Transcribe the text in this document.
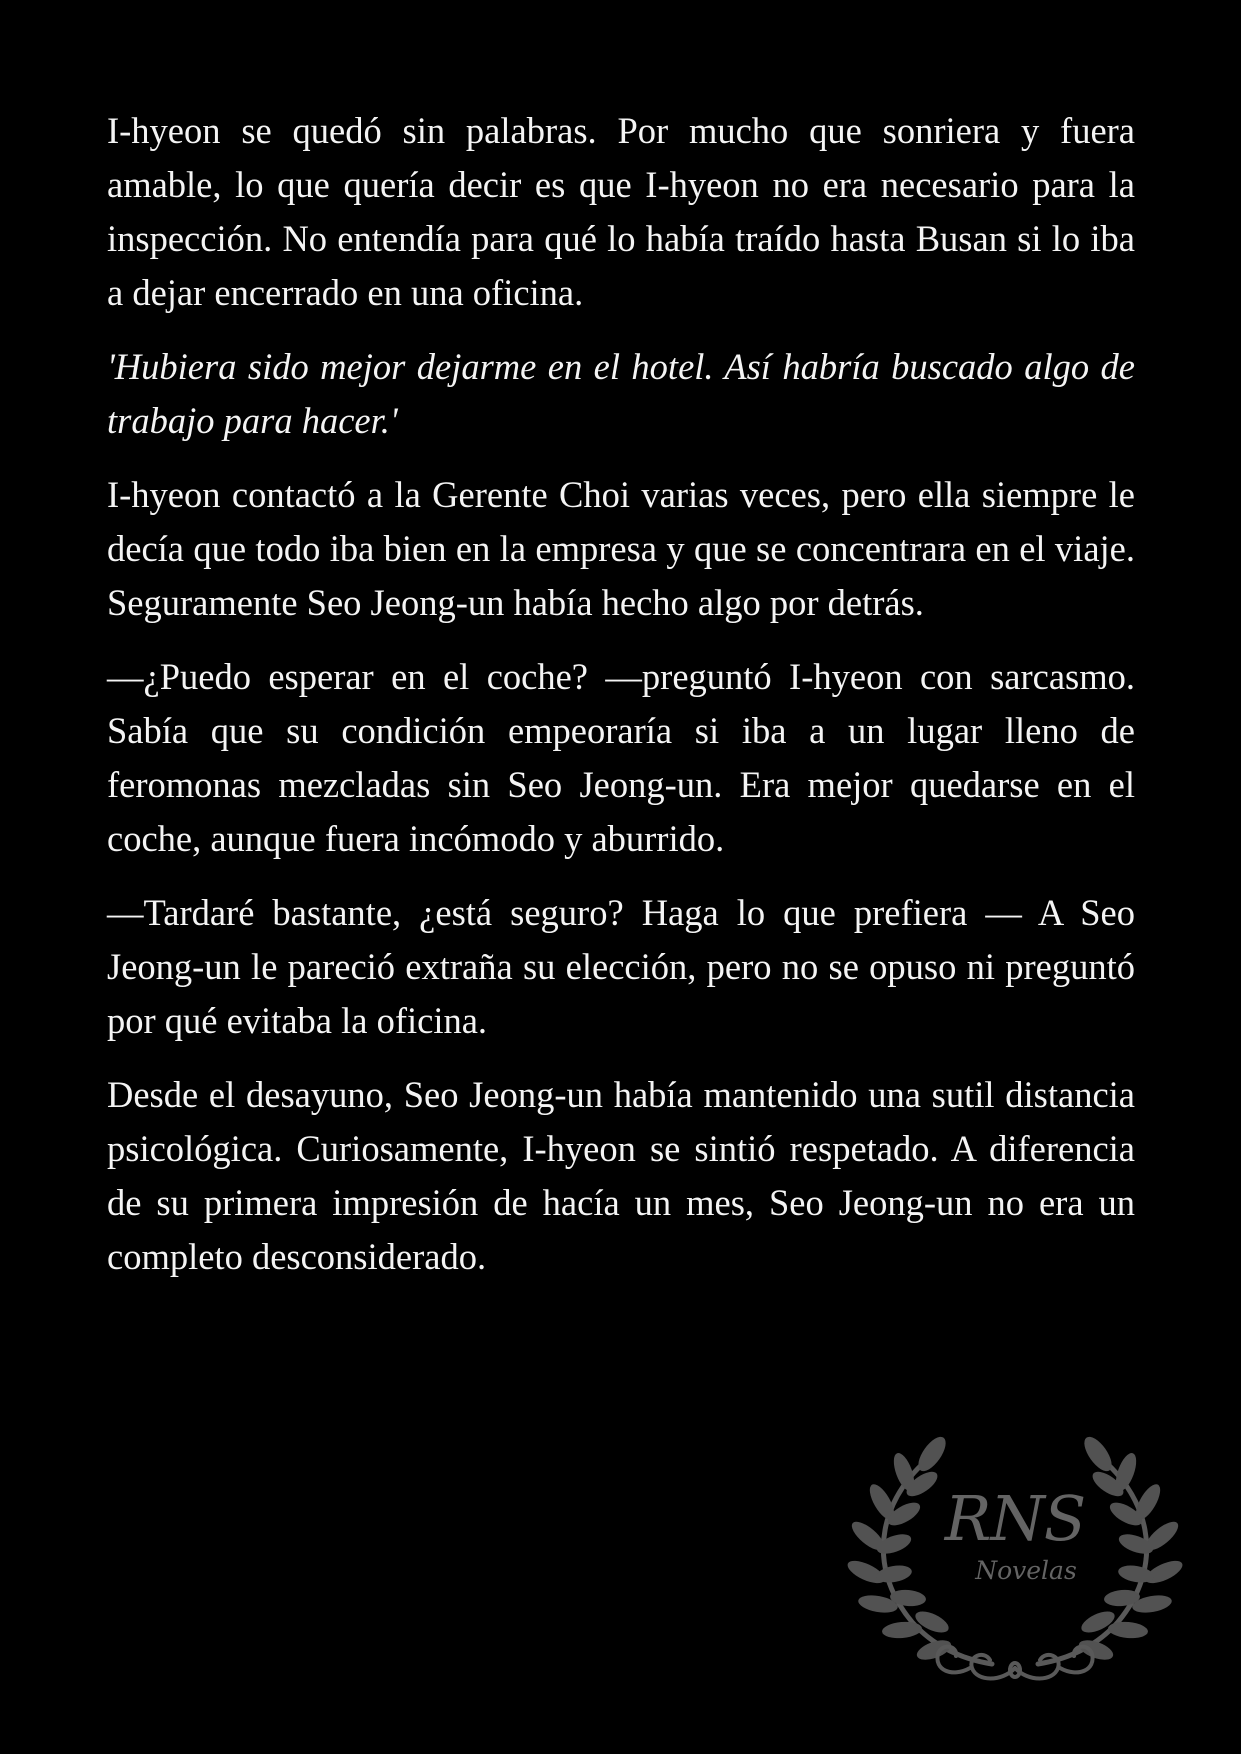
I-hyeon se quedó sin palabras. Por mucho que sonriera y fuera amable, lo que quería decir es que I-hyeon no era necesario para la inspección. No entendía para qué lo había traído hasta Busan si lo iba a dejar encerrado en una oficina.

'Hubiera sido mejor dejarme en el hotel. Así habría buscado algo de trabajo para hacer.'

I-hyeon contactó a la Gerente Choi varias veces, pero ella siempre le decía que todo iba bien en la empresa y que se concentrara en el viaje. Seguramente Seo Jeong-un había hecho algo por detrás.

—¿Puedo esperar en el coche? —preguntó I-hyeon con sarcasmo. Sabía que su condición empeoraría si iba a un lugar lleno de feromonas mezcladas sin Seo Jeong-un. Era mejor quedarse en el coche, aunque fuera incómodo y aburrido.

—Tardaré bastante, ¿está seguro? Haga lo que prefiera — A Seo Jeong-un le pareció extraña su elección, pero no se opuso ni preguntó por qué evitaba la oficina.

Desde el desayuno, Seo Jeong-un había mantenido una sutil distancia psicológica. Curiosamente, I-hyeon se sintió respetado. A diferencia de su primera impresión de hacía un mes, Seo Jeong-un no era un completo desconsiderado.

RNS
Novelas
